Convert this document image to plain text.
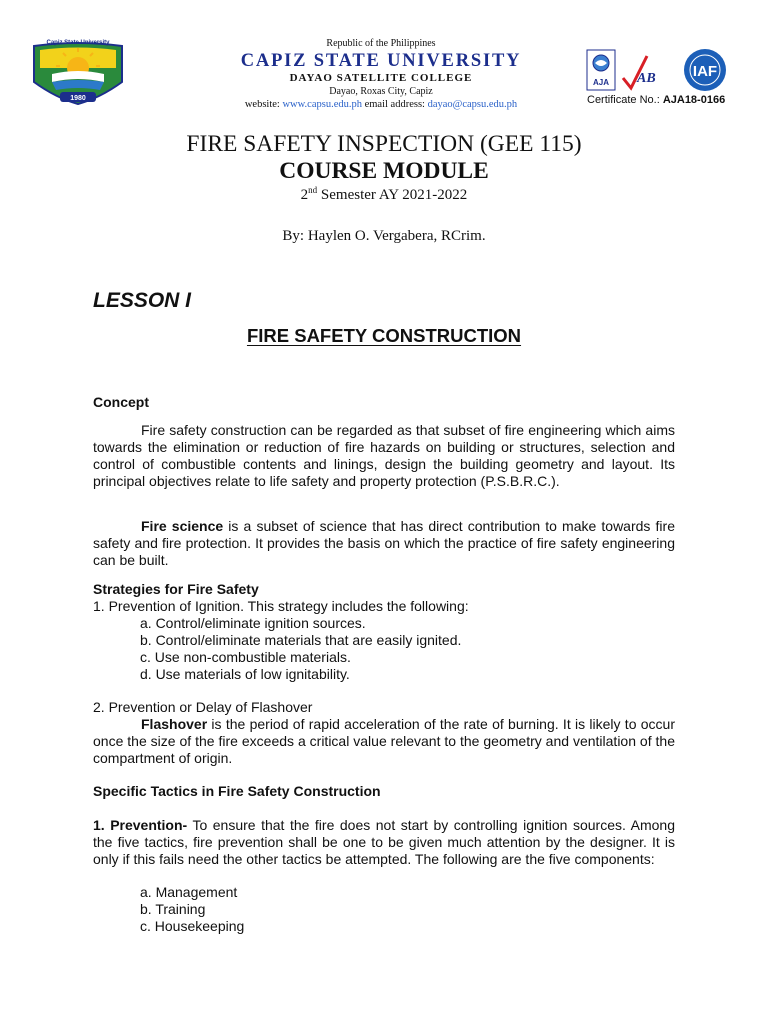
Capiz State University
1980
Republic of the Philippines
CAPIZ STATE UNIVERSITY
DAYAO SATELLITE COLLEGE
Dayao, Roxas City, Capiz
website: www.capsu.edu.ph email address: dayao@capsu.edu.ph
AJA AB IAF
Certificate No.: AJA18-0166
FIRE SAFETY INSPECTION (GEE 115)
COURSE MODULE
2nd Semester AY 2021-2022
By: Haylen O. Vergabera, RCrim.
LESSON I
FIRE SAFETY CONSTRUCTION
Concept

Fire safety construction can be regarded as that subset of fire engineering which aims towards the elimination or reduction of fire hazards on building or structures, selection and control of combustible contents and linings, design the building geometry and layout. Its principal objectives relate to life safety and property protection (P.S.B.R.C.).

Fire science is a subset of science that has direct contribution to make towards fire safety and fire protection. It provides the basis on which the practice of fire safety engineering can be built.

Strategies for Fire Safety
1. Prevention of Ignition. This strategy includes the following:
a. Control/eliminate ignition sources.
b. Control/eliminate materials that are easily ignited.
c. Use non-combustible materials.
d. Use materials of low ignitability.
2. Prevention or Delay of Flashover

Flashover is the period of rapid acceleration of the rate of burning. It is likely to occur once the size of the fire exceeds a critical value relevant to the geometry and ventilation of the compartment of origin.

Specific Tactics in Fire Safety Construction

1. Prevention- To ensure that the fire does not start by controlling ignition sources. Among the five tactics, fire prevention shall be one to be given much attention by the designer. It is only if this fails need the other tactics be attempted. The following are the five components:

a. Management
b. Training
c. Housekeeping
